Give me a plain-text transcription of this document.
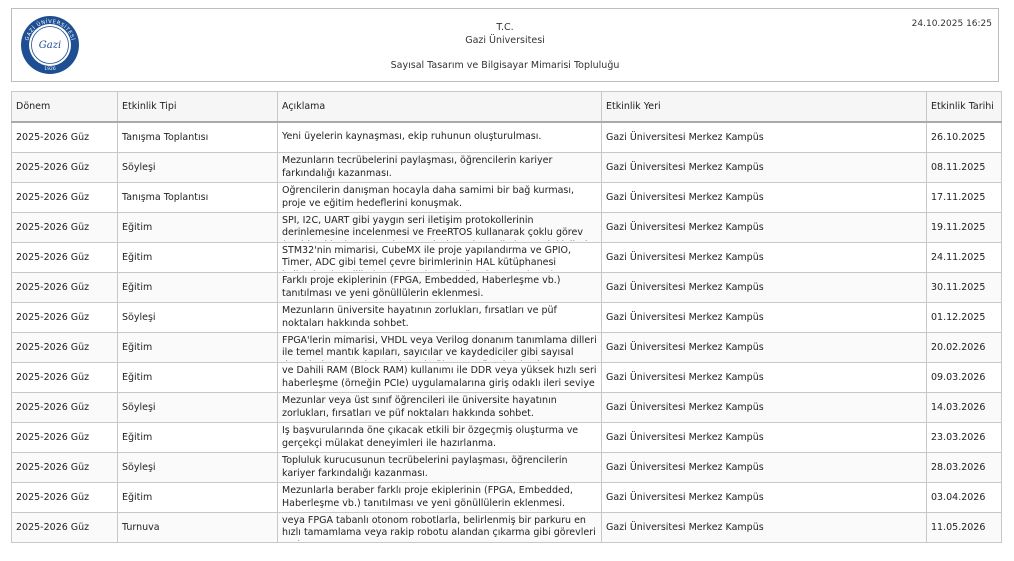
GAZİ ÜNİVERSİTESİ
Gazi
1926
T.C.
Gazi Üniversitesi
Sayısal Tasarım ve Bilgisayar Mimarisi Topluluğu
24.10.2025 16:25
Dönem	Etkinlik Tipi	Açıklama	Etkinlik Yeri	Etkinlik Tarihi
2025-2026 Güz	Tanışma Toplantısı	Yeni üyelerin kaynaşması, ekip ruhunun oluşturulması.	Gazi Üniversitesi Merkez Kampüs	26.10.2025
2025-2026 Güz	Söyleşi	Mezunların tecrübelerini paylaşması, öğrencilerin kariyer farkındalığı kazanması.	Gazi Üniversitesi Merkez Kampüs	08.11.2025
2025-2026 Güz	Tanışma Toplantısı	Öğrencilerin danışman hocayla daha samimi bir bağ kurması, proje ve eğitim hedeflerini konuşmak.	Gazi Üniversitesi Merkez Kampüs	17.11.2025
2025-2026 Güz	Eğitim	SPI, I2C, UART gibi yaygın seri iletişim protokollerinin derinlemesine incelenmesi ve FreeRTOS kullanarak çoklu görev	Gazi Üniversitesi Merkez Kampüs	19.11.2025
2025-2026 Güz	Eğitim	STM32'nin mimarisi, CubeMX ile proje yapılandırma ve GPIO, Timer, ADC gibi temel çevre birimlerinin HAL kütüphanesi	Gazi Üniversitesi Merkez Kampüs	24.11.2025
2025-2026 Güz	Eğitim	Farklı proje ekiplerinin (FPGA, Embedded, Haberleşme vb.) tanıtılması ve yeni gönüllülerin eklenmesi.	Gazi Üniversitesi Merkez Kampüs	30.11.2025
2025-2026 Güz	Söyleşi	Mezunların üniversite hayatının zorlukları, fırsatları ve püf noktaları hakkında sohbet.	Gazi Üniversitesi Merkez Kampüs	01.12.2025
2025-2026 Güz	Eğitim	FPGA'lerin mimarisi, VHDL veya Verilog donanım tanımlama dilleri ile temel mantık kapıları, sayıcılar ve kaydediciler gibi sayısal	Gazi Üniversitesi Merkez Kampüs	20.02.2026
2025-2026 Güz	Eğitim	ve Dahili RAM (Block RAM) kullanımı ile DDR veya yüksek hızlı seri haberleşme (örneğin PCIe) uygulamalarına giriş odaklı ileri seviye	Gazi Üniversitesi Merkez Kampüs	09.03.2026
2025-2026 Güz	Söyleşi	Mezunlar veya üst sınıf öğrencileri ile üniversite hayatının zorlukları, fırsatları ve püf noktaları hakkında sohbet.	Gazi Üniversitesi Merkez Kampüs	14.03.2026
2025-2026 Güz	Eğitim	İş başvurularında öne çıkacak etkili bir özgeçmiş oluşturma ve gerçekçi mülakat deneyimleri ile hazırlanma.	Gazi Üniversitesi Merkez Kampüs	23.03.2026
2025-2026 Güz	Söyleşi	Topluluk kurucusunun tecrübelerini paylaşması, öğrencilerin kariyer farkındalığı kazanması.	Gazi Üniversitesi Merkez Kampüs	28.03.2026
2025-2026 Güz	Eğitim	Mezunlarla beraber farklı proje ekiplerinin (FPGA, Embedded, Haberleşme vb.) tanıtılması ve yeni gönüllülerin eklenmesi.	Gazi Üniversitesi Merkez Kampüs	03.04.2026
2025-2026 Güz	Turnuva	veya FPGA tabanlı otonom robotlarla, belirlenmiş bir parkuru en hızlı tamamlama veya rakip robotu alandan çıkarma gibi görevleri	Gazi Üniversitesi Merkez Kampüs	11.05.2026
